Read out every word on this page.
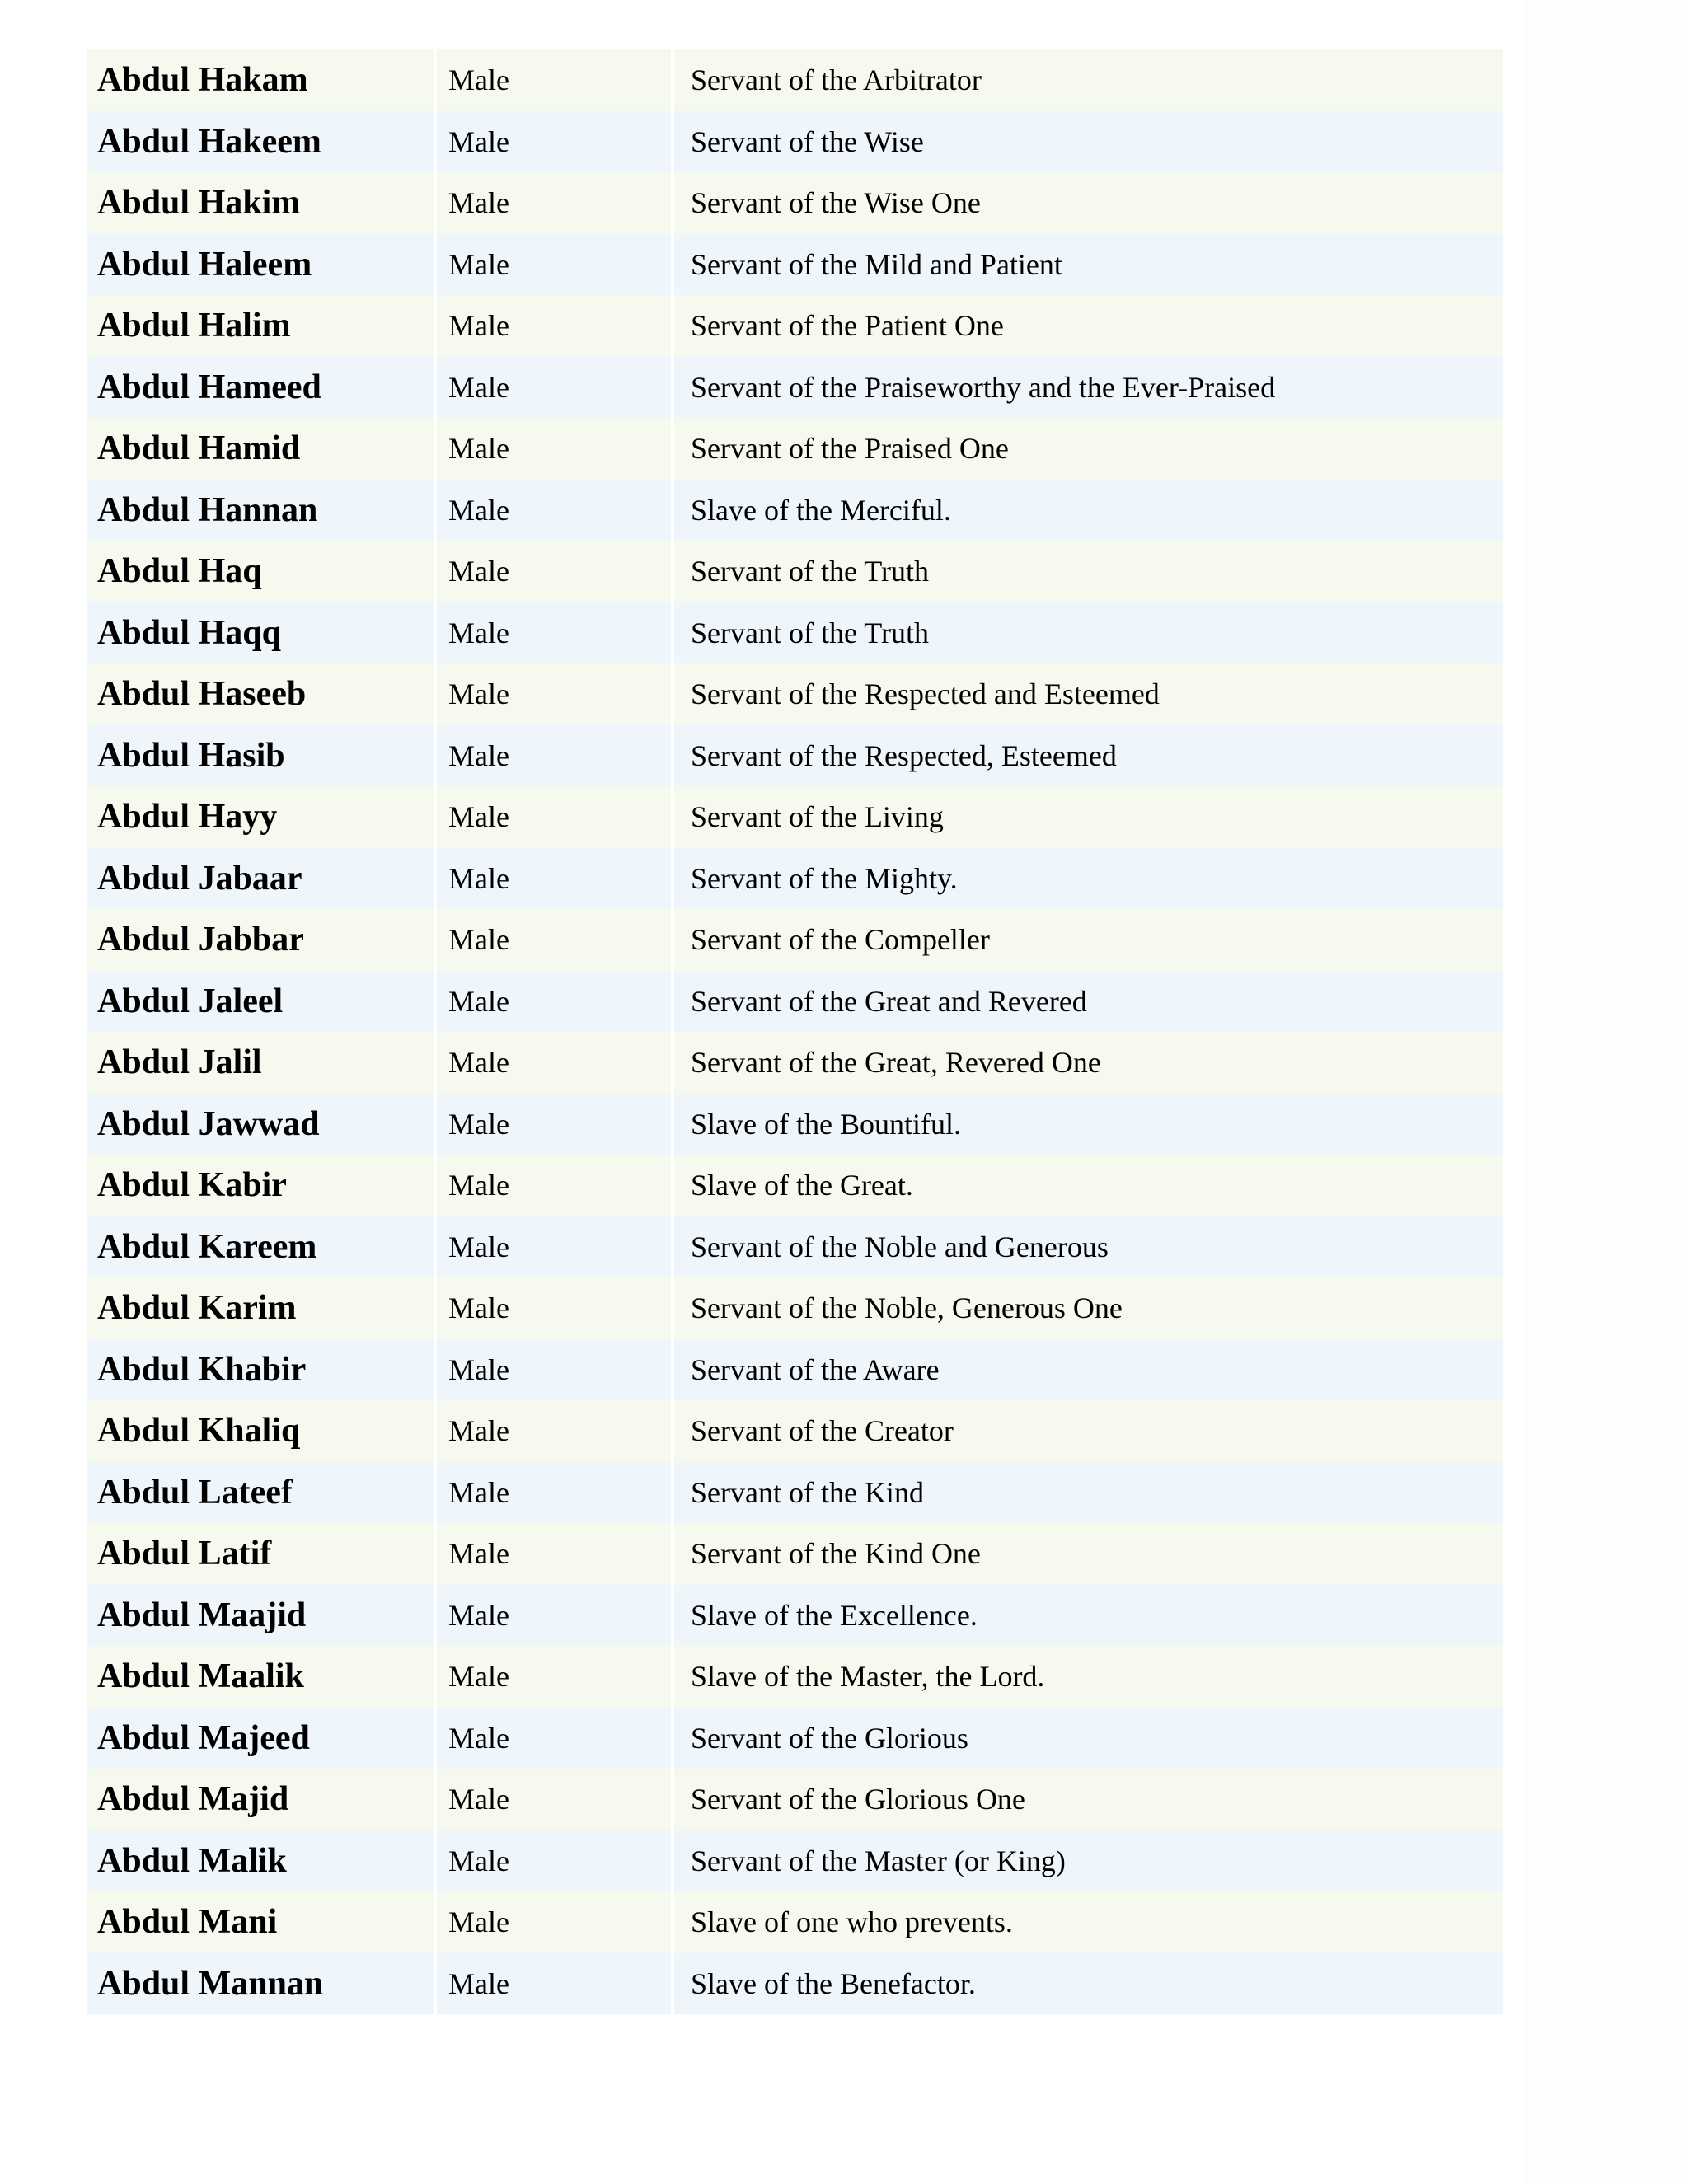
Abdul Hakam	Male	Servant of the Arbitrator
Abdul Hakeem	Male	Servant of the Wise
Abdul Hakim	Male	Servant of the Wise One
Abdul Haleem	Male	Servant of the Mild and Patient
Abdul Halim	Male	Servant of the Patient One
Abdul Hameed	Male	Servant of the Praiseworthy and the Ever-Praised
Abdul Hamid	Male	Servant of the Praised One
Abdul Hannan	Male	Slave of the Merciful.
Abdul Haq	Male	Servant of the Truth
Abdul Haqq	Male	Servant of the Truth
Abdul Haseeb	Male	Servant of the Respected and Esteemed
Abdul Hasib	Male	Servant of the Respected, Esteemed
Abdul Hayy	Male	Servant of the Living
Abdul Jabaar	Male	Servant of the Mighty.
Abdul Jabbar	Male	Servant of the Compeller
Abdul Jaleel	Male	Servant of the Great and Revered
Abdul Jalil	Male	Servant of the Great, Revered One
Abdul Jawwad	Male	Slave of the Bountiful.
Abdul Kabir	Male	Slave of the Great.
Abdul Kareem	Male	Servant of the Noble and Generous
Abdul Karim	Male	Servant of the Noble, Generous One
Abdul Khabir	Male	Servant of the Aware
Abdul Khaliq	Male	Servant of the Creator
Abdul Lateef	Male	Servant of the Kind
Abdul Latif	Male	Servant of the Kind One
Abdul Maajid	Male	Slave of the Excellence.
Abdul Maalik	Male	Slave of the Master, the Lord.
Abdul Majeed	Male	Servant of the Glorious
Abdul Majid	Male	Servant of the Glorious One
Abdul Malik	Male	Servant of the Master (or King)
Abdul Mani	Male	Slave of one who prevents.
Abdul Mannan	Male	Slave of the Benefactor.
